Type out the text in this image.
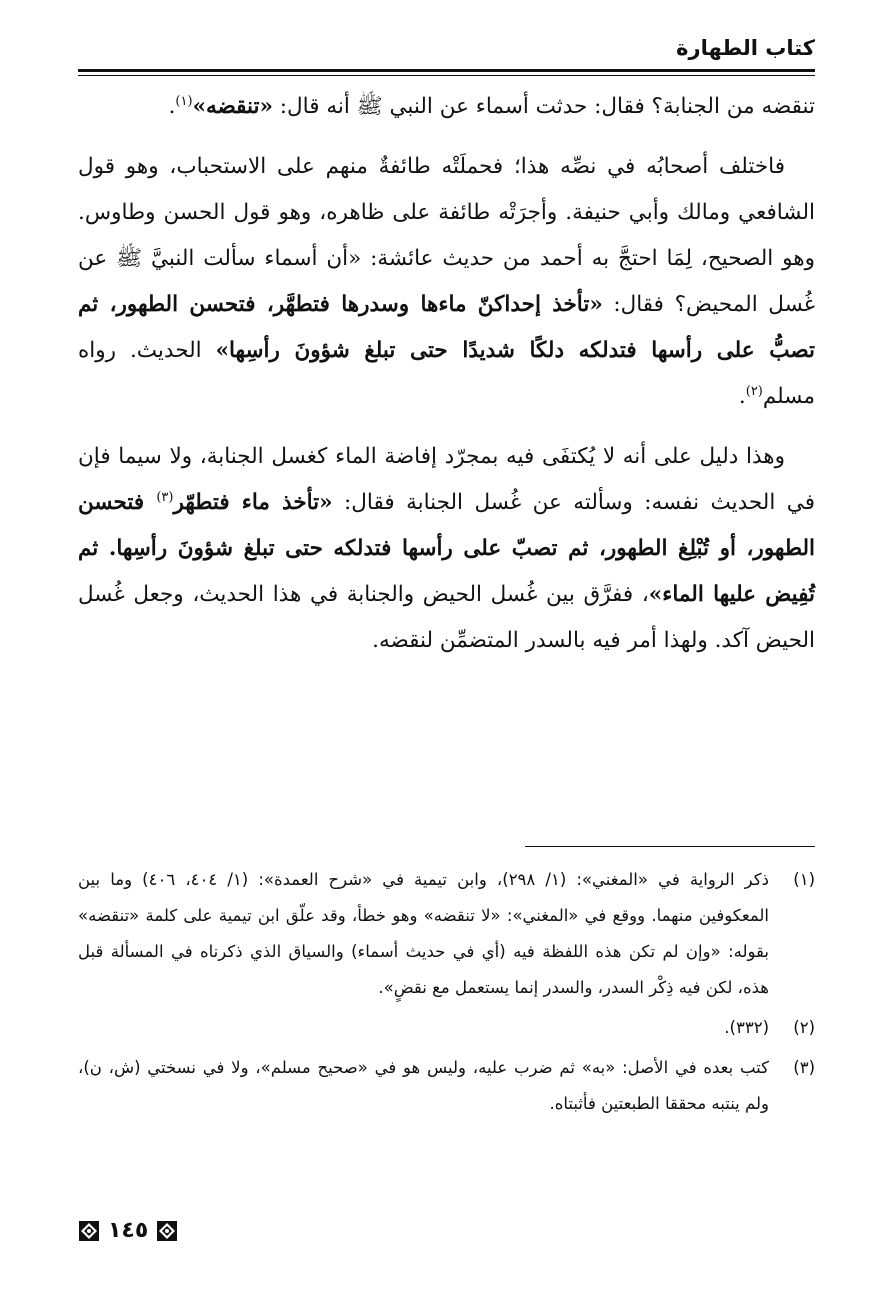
كتاب الطهارة

تنقضه من الجنابة؟ فقال: حدثت أسماء عن النبي ﷺ أنه قال: «تنقضه»$^{(١)}$.

فاختلف أصحابُه في نصِّه هذا؛ فحملَتْه طائفةٌ منهم على الاستحباب، وهو قول الشافعي ومالك وأبي حنيفة. وأجرَتْه طائفة على ظاهره، وهو قول الحسن وطاوس. وهو الصحيح، لِمَا احتجَّ به أحمد من حديث عائشة: «أن أسماء سألت النبيَّ ﷺ عن غُسل المحيض؟ فقال: «تأخذ إحداكنّ ماءها وسدرها فتطهَّر، فتحسن الطهور، ثم تصبُّ على رأسها فتدلكه دلكًا شديدًا حتى تبلغ شؤونَ رأسِها» الحديث. رواه مسلم$^{(٢)}$.

وهذا دليل على أنه لا يُكتفَى فيه بمجرّد إفاضة الماء كغسل الجنابة، ولا سيما فإن في الحديث نفسه: وسألته عن غُسل الجنابة فقال: «تأخذ ماء فتطهّر$^{(٣)}$ فتحسن الطهور، أو تُبْلِغ الطهور، ثم تصبّ على رأسها فتدلكه حتى تبلغ شؤونَ رأسِها. ثم تُفِيض عليها الماء»، ففرَّق بين غُسل الحيض والجنابة في هذا الحديث، وجعل غُسل الحيض آكد. ولهذا أمر فيه بالسدر المتضمِّن لنقضه.

(١)
ذكر الرواية في «المغني»: (١/ ٢٩٨)، وابن تيمية في «شرح العمدة»: (١/ ٤٠٤، ٤٠٦) وما بين المعكوفين منهما. ووقع في «المغني»: «لا تنقضه» وهو خطأ، وقد علّق ابن تيمية على كلمة «تنقضه» بقوله: «وإن لم تكن هذه اللفظة فيه (أي في حديث أسماء) والسياق الذي ذكرناه في المسألة قبل هذه، لكن فيه ذِكْر السدر، والسدر إنما يستعمل مع نقضٍ».
(٢)
(٣٣٢).
(٣)
كتب بعده في الأصل: «به» ثم ضرب عليه، وليس هو في «صحيح مسلم»، ولا في نسختي (ش، ن)، ولم ينتبه محققا الطبعتين فأثبتاه.
١٤٥
